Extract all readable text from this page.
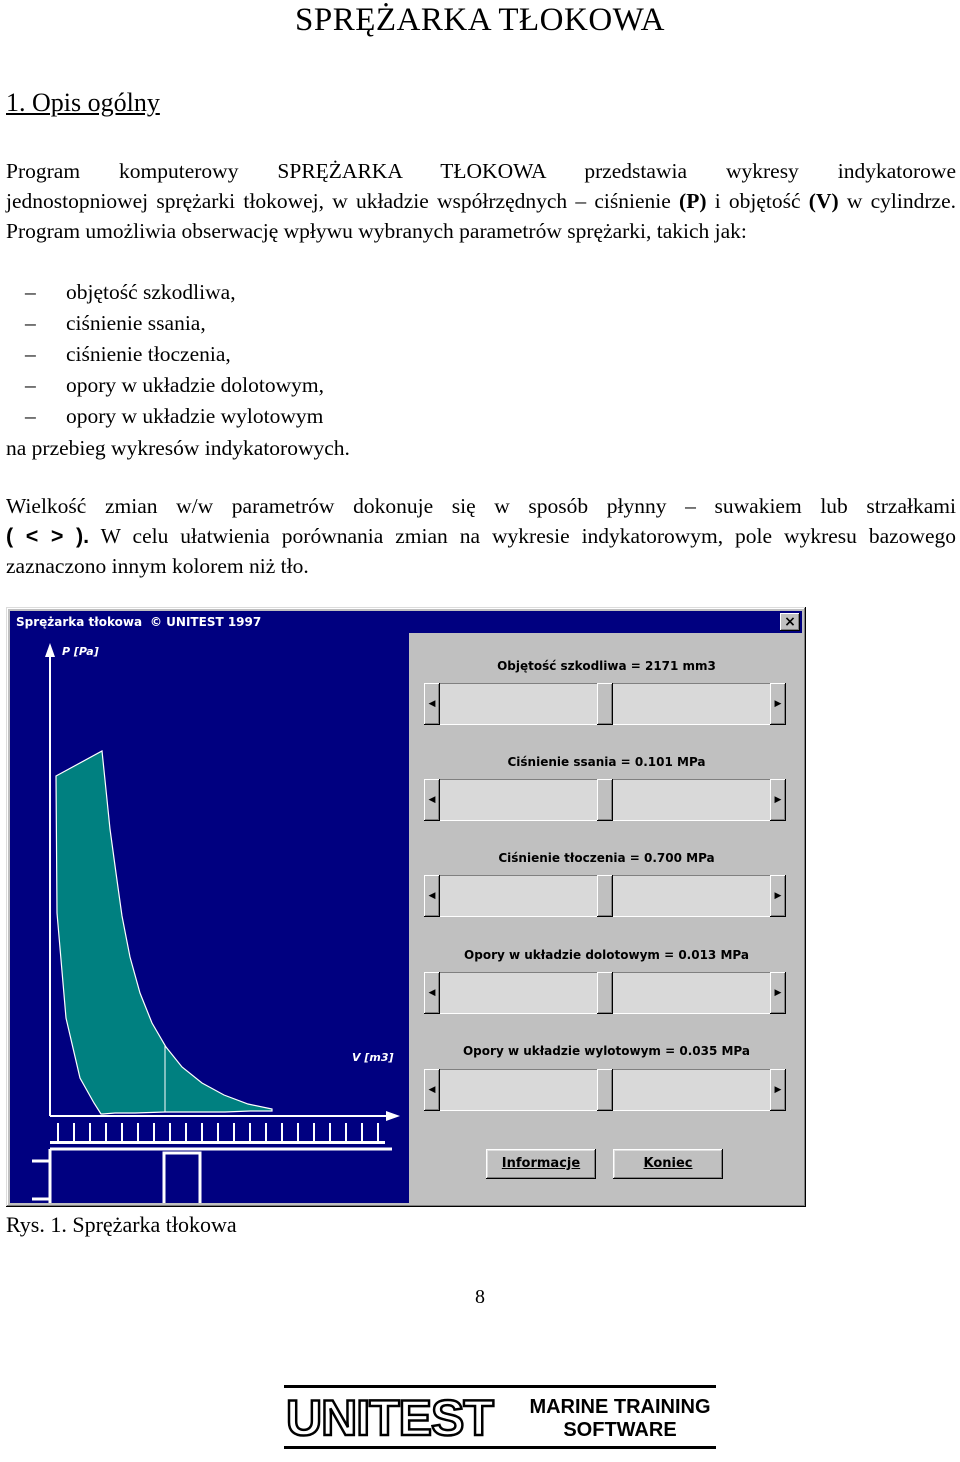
SPRĘŻARKA TŁOKOWA
1. Opis ogólny

Program komputerowy SPRĘŻARKA TŁOKOWA przedstawia wykresy indykatorowe

jednostopniowej sprężarki tłokowej, w układzie współrzędnych – ciśnienie (P) i objętość (V) w cylindrze. Program umożliwia obserwację wpływu wybranych parametrów sprężarki, takich jak:

– objętość szkodliwa,
– ciśnienie ssania,
– ciśnienie tłoczenia,
– opory w układzie dolotowym,
– opory w układzie wylotowym
na przebieg wykresów indykatorowych.

Wielkość zmian w/w parametrów dokonuje się w sposób płynny – suwakiem lub strzałkami

( < > ). W celu ułatwienia porównania zmian na wykresie indykatorowym, pole wykresu bazowego zaznaczono innym kolorem niż tło.

Sprężarka tłokowa © UNITEST 1997	×
P [Pa]
V [m3]
Objętość szkodliwa = 2171 mm3
◀	▶
Ciśnienie ssania = 0.101 MPa
◀	▶
Ciśnienie tłoczenia = 0.700 MPa
◀	▶
Opory w układzie dolotowym = 0.013 MPa
◀	▶
Opory w układzie wylotowym = 0.035 MPa
◀	▶
Informacje	Koniec
Rys. 1. Sprężarka tłokowa
8
UNITEST	MARINE TRAINING
SOFTWARE
